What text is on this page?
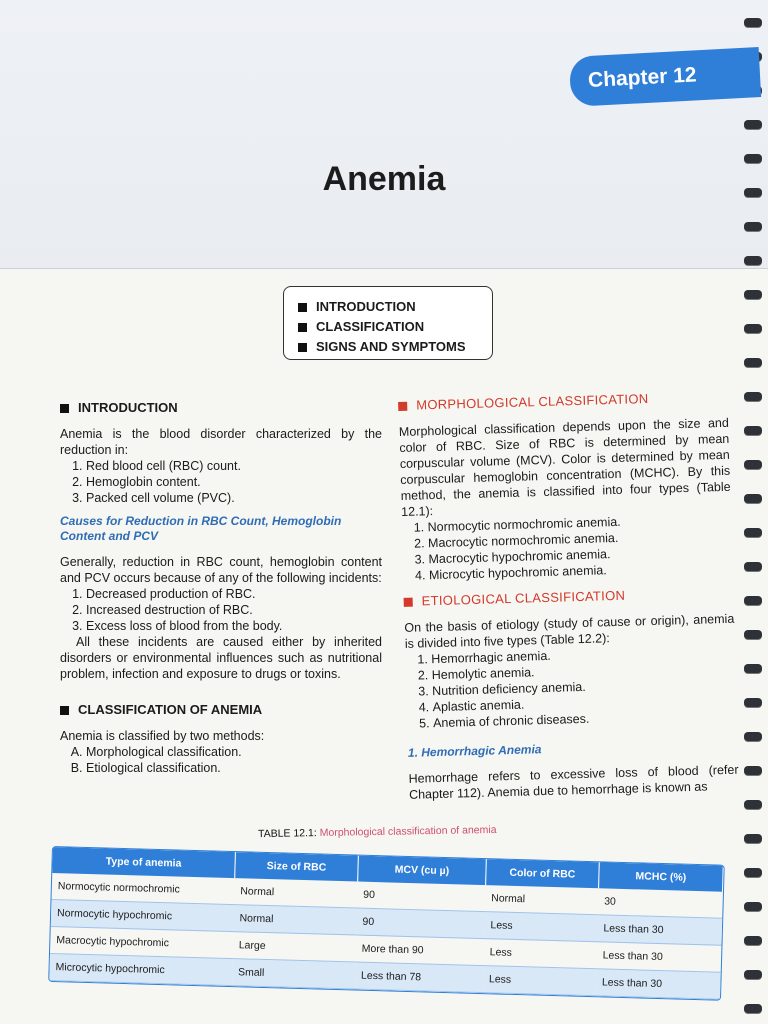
Chapter 12
Anemia
INTRODUCTION
CLASSIFICATION
SIGNS AND SYMPTOMS
INTRODUCTION

Anemia is the blood disorder characterized by the reduction in:

1. Red blood cell (RBC) count.
2. Hemoglobin content.
3. Packed cell volume (PVC).
Causes for Reduction in RBC Count, Hemoglobin Content and PCV

Generally, reduction in RBC count, hemoglobin content and PCV occurs because of any of the following incidents:

1. Decreased production of RBC.
2. Increased destruction of RBC.
3. Excess loss of blood from the body.

All these incidents are caused either by inherited disorders or environmental influences such as nutritional problem, infection and exposure to drugs or toxins.

CLASSIFICATION OF ANEMIA

Anemia is classified by two methods:

A. Morphological classification.
B. Etiological classification.
MORPHOLOGICAL CLASSIFICATION

Morphological classification depends upon the size and color of RBC. Size of RBC is determined by mean corpuscular volume (MCV). Color is determined by mean corpuscular hemoglobin concentration (MCHC). By this method, the anemia is classified into four types (Table 12.1):

1. Normocytic normochromic anemia.
2. Macrocytic normochromic anemia.
3. Macrocytic hypochromic anemia.
4. Microcytic hypochromic anemia.
ETIOLOGICAL CLASSIFICATION

On the basis of etiology (study of cause or origin), anemia is divided into five types (Table 12.2):

1. Hemorrhagic anemia.
2. Hemolytic anemia.
3. Nutrition deficiency anemia.
4. Aplastic anemia.
5. Anemia of chronic diseases.
1. Hemorrhagic Anemia

Hemorrhage refers to excessive loss of blood (refer Chapter 112). Anemia due to hemorrhage is known as

TABLE 12.1: Morphological classification of anemia
Type of anemia	Size of RBC	MCV (cu µ)	Color of RBC	MCHC (%)
Normocytic normochromic	Normal	90	Normal	30
Normocytic hypochromic	Normal	90	Less	Less than 30
Macrocytic hypochromic	Large	More than 90	Less	Less than 30
Microcytic hypochromic	Small	Less than 78	Less	Less than 30
